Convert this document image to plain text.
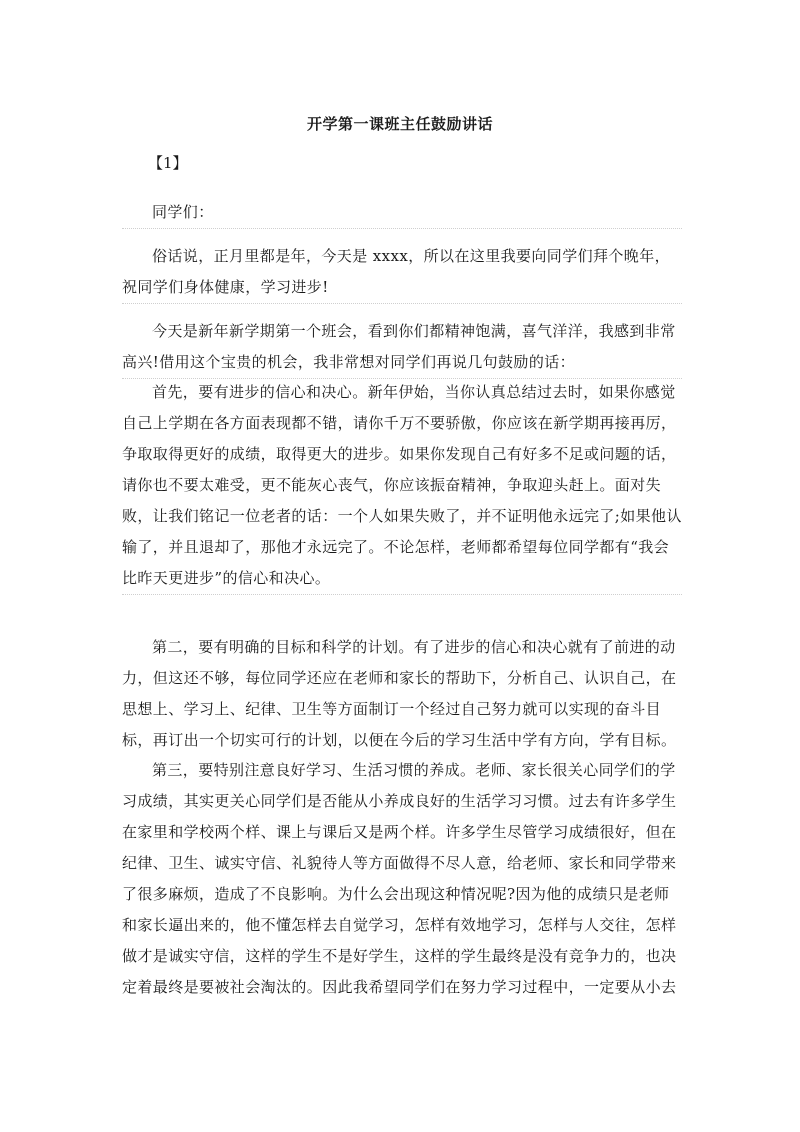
开学第一课班主任鼓励讲话
【1】
同学们：
俗话说，正月里都是年，今天是 xxxx，所以在这里我要向同学们拜个晚年，祝同学们身体健康，学习进步!
今天是新年新学期第一个班会，看到你们都精神饱满，喜气洋洋，我感到非常高兴!借用这个宝贵的机会，我非常想对同学们再说几句鼓励的话：
首先，要有进步的信心和决心。新年伊始，当你认真总结过去时，如果你感觉自己上学期在各方面表现都不错，请你千万不要骄傲，你应该在新学期再接再厉，争取取得更好的成绩，取得更大的进步。如果你发现自己有好多不足或问题的话，请你也不要太难受，更不能灰心丧气，你应该振奋精神，争取迎头赶上。面对失败，让我们铭记一位老者的话：一个人如果失败了，并不证明他永远完了;如果他认输了，并且退却了，那他才永远完了。不论怎样，老师都希望每位同学都有“我会比昨天更进步”的信心和决心。
第二，要有明确的目标和科学的计划。有了进步的信心和决心就有了前进的动力，但这还不够，每位同学还应在老师和家长的帮助下，分析自己、认识自己，在思想上、学习上、纪律、卫生等方面制订一个经过自己努力就可以实现的奋斗目标，再订出一个切实可行的计划，以便在今后的学习生活中学有方向，学有目标。
第三，要特别注意良好学习、生活习惯的养成。老师、家长很关心同学们的学习成绩，其实更关心同学们是否能从小养成良好的生活学习习惯。过去有许多学生在家里和学校两个样、课上与课后又是两个样。许多学生尽管学习成绩很好，但在纪律、卫生、诚实守信、礼貌待人等方面做得不尽人意，给老师、家长和同学带来了很多麻烦，造成了不良影响。为什么会出现这种情况呢?因为他的成绩只是老师和家长逼出来的，他不懂怎样去自觉学习，怎样有效地学习，怎样与人交往，怎样做才是诚实守信，这样的学生不是好学生，这样的学生最终是没有竞争力的，也决定着最终是要被社会淘汰的。因此我希望同学们在努力学习过程中，一定要从小去
